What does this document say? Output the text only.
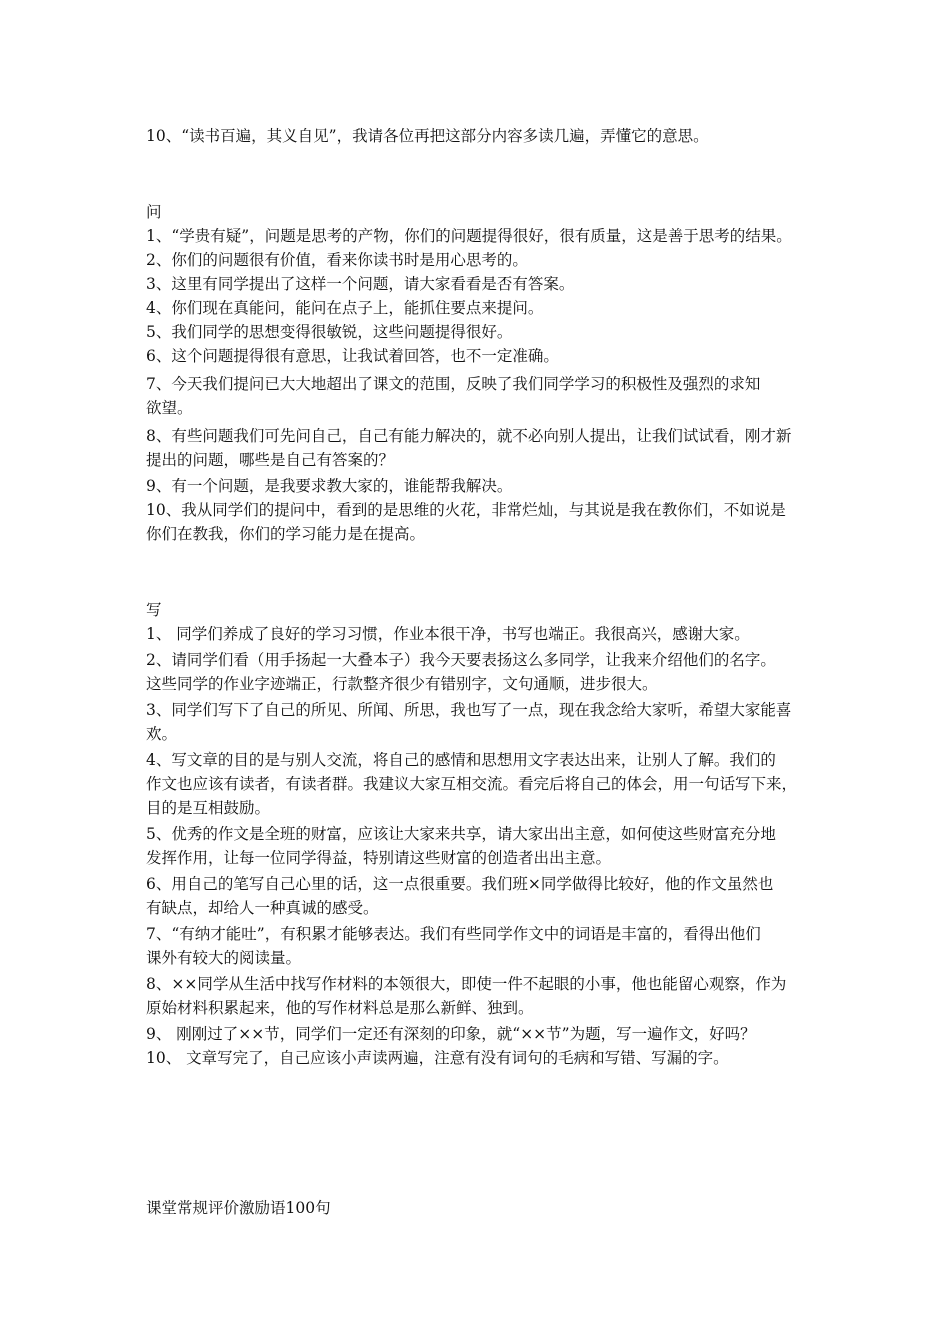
10、“读书百遍，其义自见”，我请各位再把这部分内容多读几遍，弄懂它的意思。
问
1、“学贵有疑”，问题是思考的产物，你们的问题提得很好，很有质量，这是善于思考的结果。
2、你们的问题很有价值，看来你读书时是用心思考的。
3、这里有同学提出了这样一个问题，请大家看看是否有答案。
4、你们现在真能问，能问在点子上，能抓住要点来提问。
5、我们同学的思想变得很敏锐，这些问题提得很好。
6、这个问题提得很有意思，让我试着回答，也不一定准确。
7、今天我们提问已大大地超出了课文的范围，反映了我们同学学习的积极性及强烈的求知
欲望。
8、有些问题我们可先问自己，自己有能力解决的，就不必向别人提出，让我们试试看，刚才新
提出的问题，哪些是自己有答案的？
9、有一个问题，是我要求教大家的，谁能帮我解决。
10、我从同学们的提问中，看到的是思维的火花，非常烂灿，与其说是我在教你们，不如说是
你们在教我，你们的学习能力是在提高。
写
1、 同学们养成了良好的学习习惯，作业本很干净，书写也端正。我很高兴，感谢大家。
2、请同学们看（用手扬起一大叠本子）我今天要表扬这么多同学，让我来介绍他们的名字。
这些同学的作业字迹端正，行款整齐很少有错别字，文句通顺，进步很大。
3、同学们写下了自己的所见、所闻、所思，我也写了一点，现在我念给大家听，希望大家能喜
欢。
4、写文章的目的是与别人交流，将自己的感情和思想用文字表达出来，让别人了解。我们的
作文也应该有读者，有读者群。我建议大家互相交流。看完后将自己的体会，用一句话写下来，
目的是互相鼓励。
5、优秀的作文是全班的财富，应该让大家来共享，请大家出出主意，如何使这些财富充分地
发挥作用，让每一位同学得益，特别请这些财富的创造者出出主意。
6、用自己的笔写自己心里的话，这一点很重要。我们班×同学做得比较好，他的作文虽然也
有缺点，却给人一种真诚的感受。
7、“有纳才能吐”，有积累才能够表达。我们有些同学作文中的词语是丰富的，看得出他们
课外有较大的阅读量。
8、××同学从生活中找写作材料的本领很大，即使一件不起眼的小事，他也能留心观察，作为
原始材料积累起来，他的写作材料总是那么新鲜、独到。
9、 刚刚过了××节，同学们一定还有深刻的印象，就“××节”为题，写一遍作文，好吗？
10、 文章写完了，自己应该小声读两遍，注意有没有词句的毛病和写错、写漏的字。
课堂常规评价激励语100句
